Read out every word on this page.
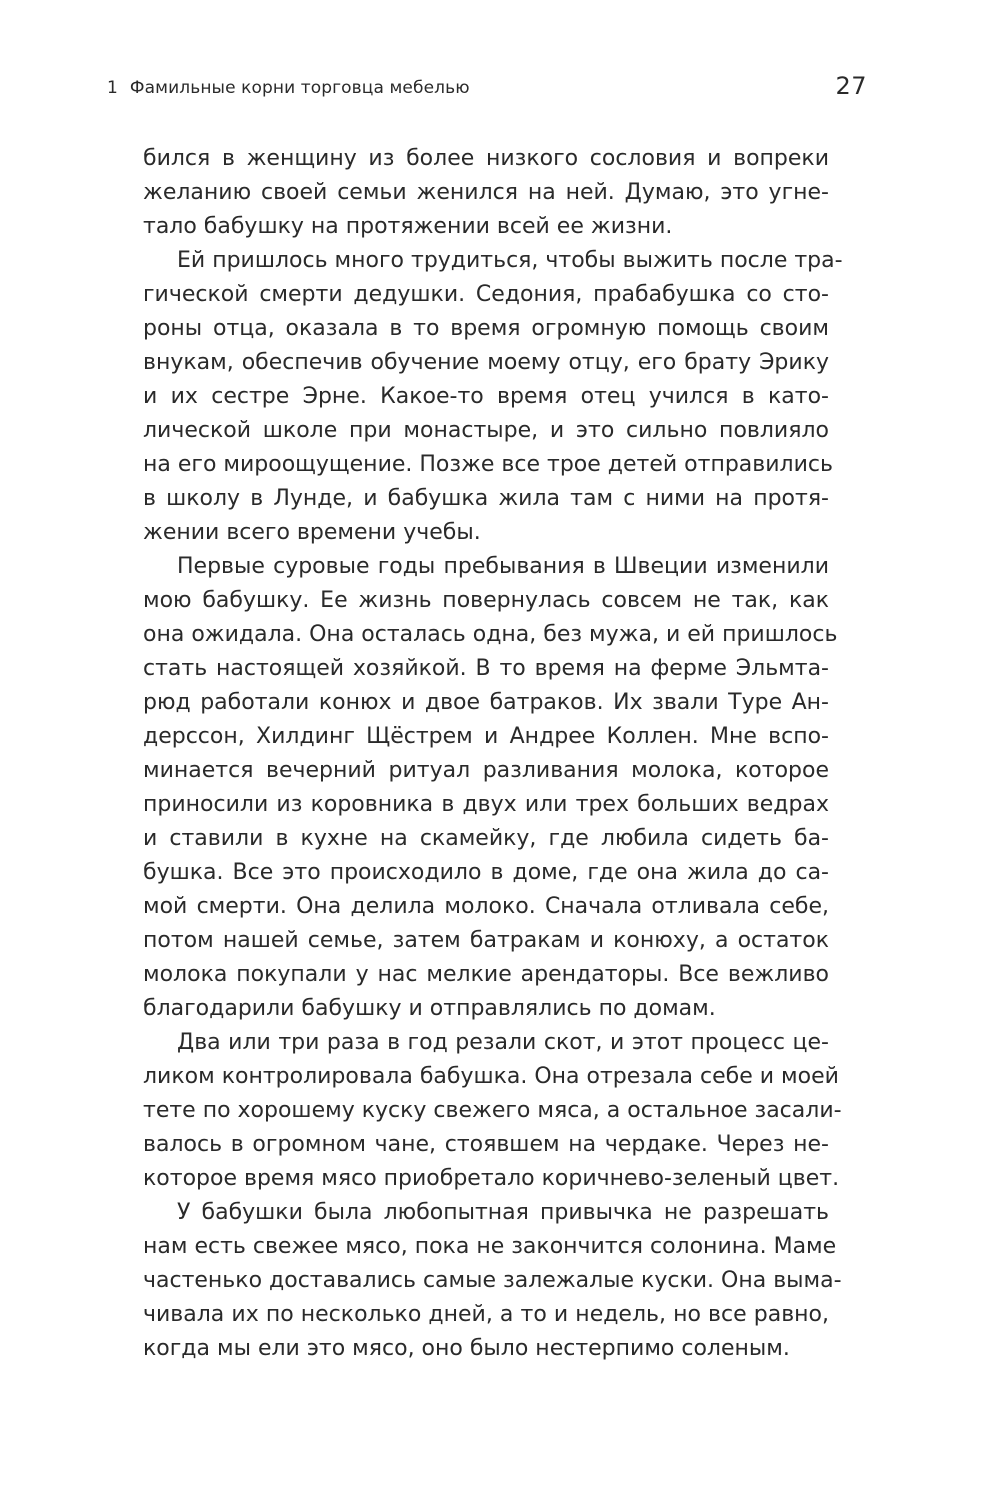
1 Фамильные корни торговца мебелью	27
бился в женщину из более низкого сословия и вопреки
желанию своей семьи женился на ней. Думаю, это угне-
тало бабушку на протяжении всей ее жизни.
Ей пришлось много трудиться, чтобы выжить после тра-
гической смерти дедушки. Седония, прабабушка со сто-
роны отца, оказала в то время огромную помощь своим
внукам, обеспечив обучение моему отцу, его брату Эрику
и их сестре Эрне. Какое-то время отец учился в като-
лической школе при монастыре, и это сильно повлияло
на его мироощущение. Позже все трое детей отправились
в школу в Лунде, и бабушка жила там с ними на протя-
жении всего времени учебы.
Первые суровые годы пребывания в Швеции изменили
мою бабушку. Ее жизнь повернулась совсем не так, как
она ожидала. Она осталась одна, без мужа, и ей пришлось
стать настоящей хозяйкой. В то время на ферме Эльмта-
рюд работали конюх и двое батраков. Их звали Туре Ан-
дерссон, Хилдинг Щёстрем и Андрее Коллен. Мне вспо-
минается вечерний ритуал разливания молока, которое
приносили из коровника в двух или трех больших ведрах
и ставили в кухне на скамейку, где любила сидеть ба-
бушка. Все это происходило в доме, где она жила до са-
мой смерти. Она делила молоко. Сначала отливала себе,
потом нашей семье, затем батракам и конюху, а остаток
молока покупали у нас мелкие арендаторы. Все вежливо
благодарили бабушку и отправлялись по домам.
Два или три раза в год резали скот, и этот процесс це-
ликом контролировала бабушка. Она отрезала себе и моей
тете по хорошему куску свежего мяса, а остальное засали-
валось в огромном чане, стоявшем на чердаке. Через не-
которое время мясо приобретало коричнево-зеленый цвет.
У бабушки была любопытная привычка не разрешать
нам есть свежее мясо, пока не закончится солонина. Маме
частенько доставались самые залежалые куски. Она выма-
чивала их по несколько дней, а то и недель, но все равно,
когда мы ели это мясо, оно было нестерпимо соленым.
